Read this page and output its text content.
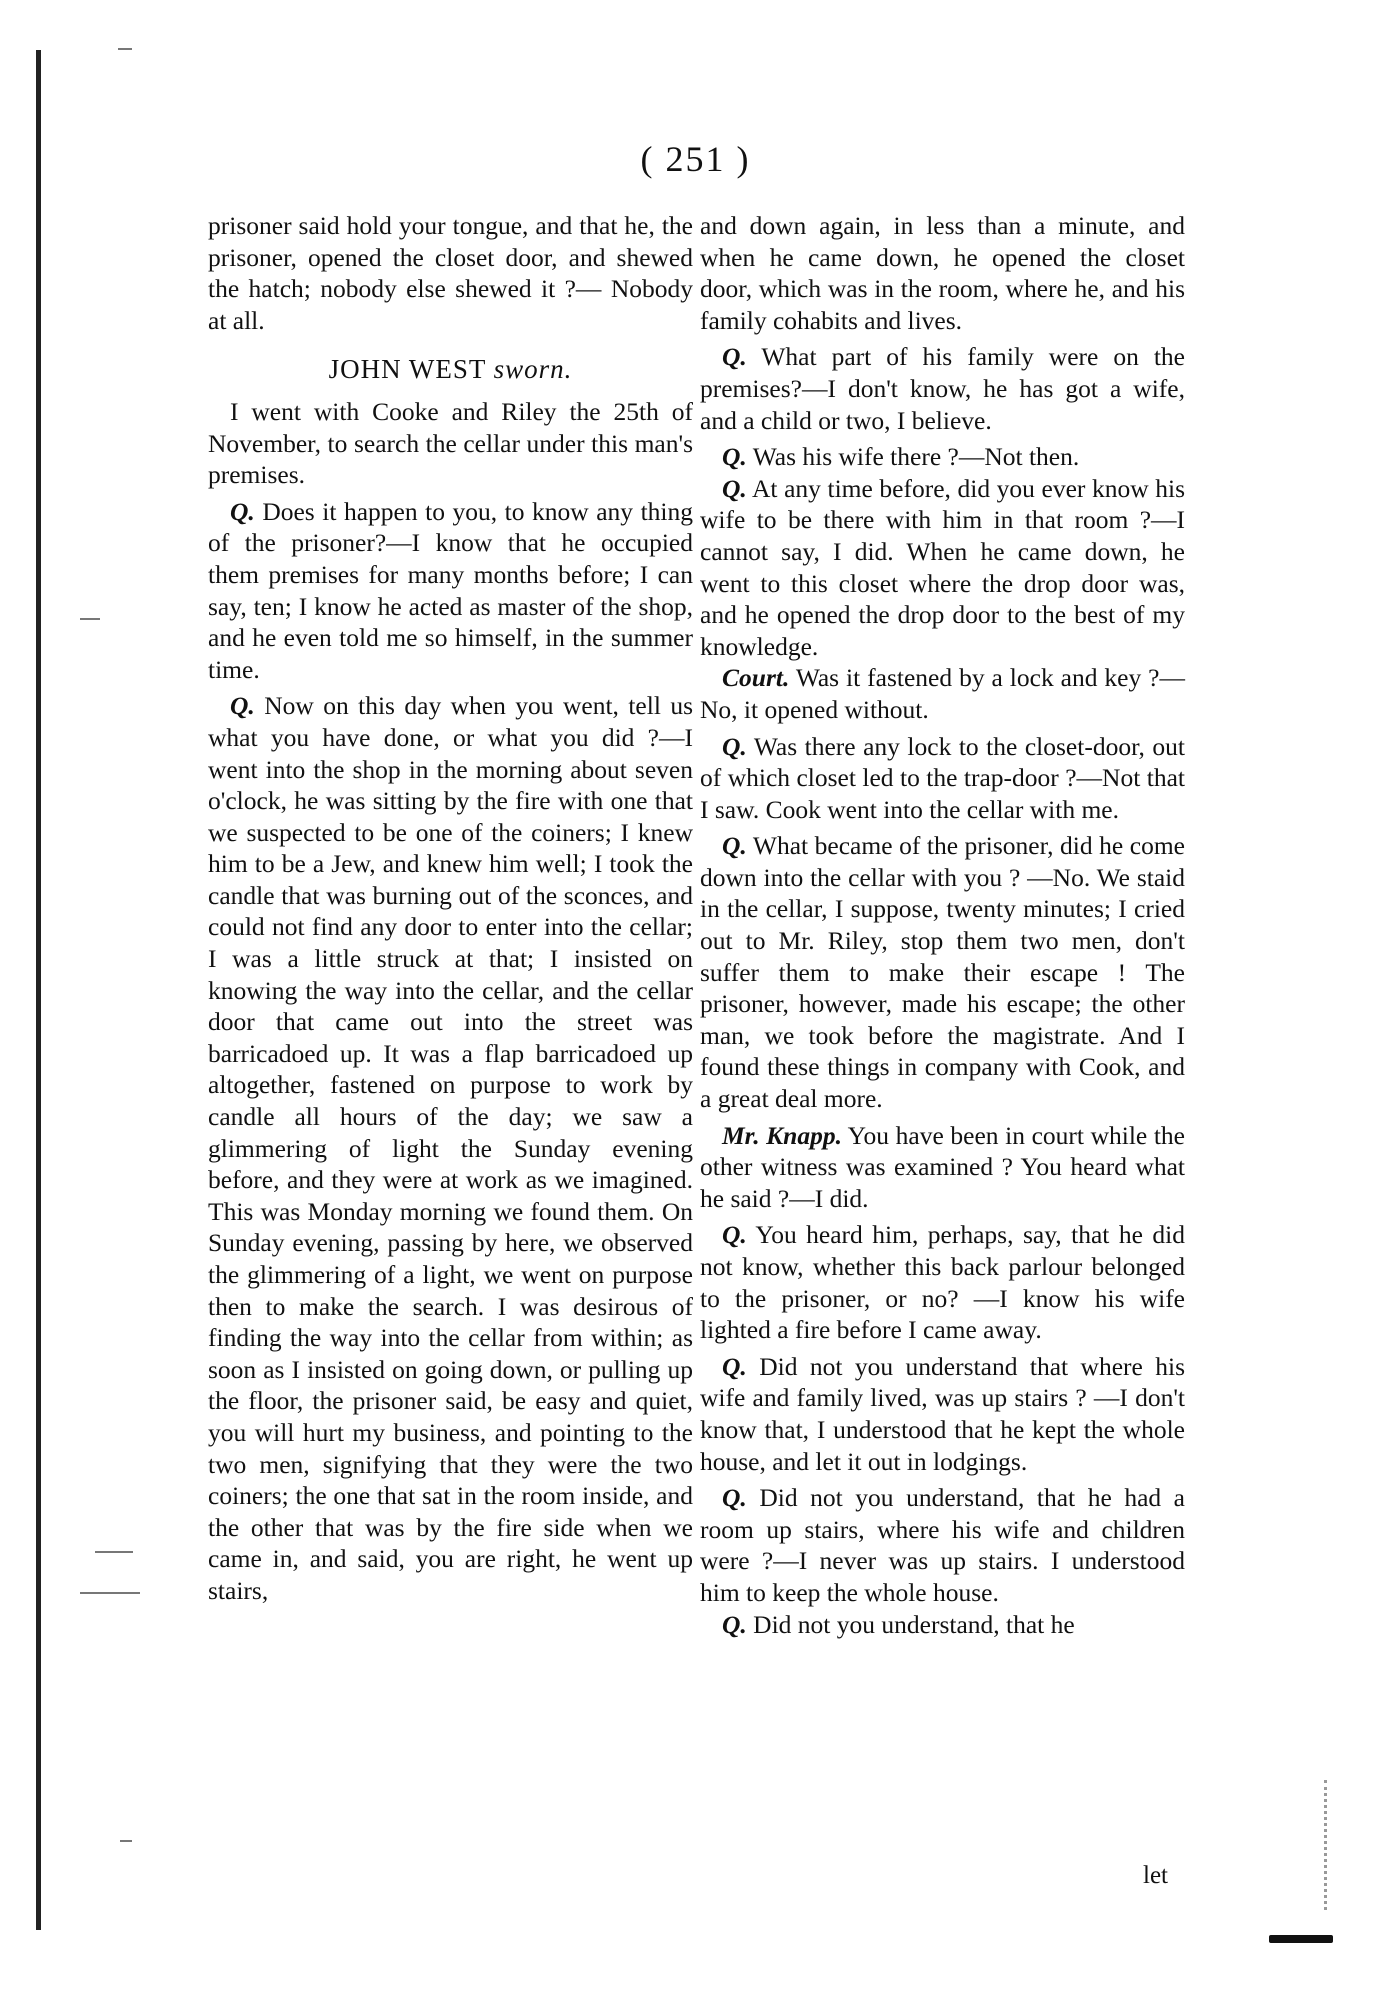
( 251 )

prisoner said hold your tongue, and that he, the prisoner, opened the closet door, and shewed the hatch; nobody else shewed it ?— Nobody at all.

JOHN WEST sworn.

I went with Cooke and Riley the 25th of November, to search the cellar under this man's premises.

Q. Does it happen to you, to know any thing of the prisoner?—I know that he occupied them premises for many months before; I can say, ten; I know he acted as master of the shop, and he even told me so himself, in the summer time.

Q. Now on this day when you went, tell us what you have done, or what you did ?—I went into the shop in the morning about seven o'clock, he was sitting by the fire with one that we suspected to be one of the coiners; I knew him to be a Jew, and knew him well; I took the candle that was burning out of the sconces, and could not find any door to enter into the cellar; I was a little struck at that; I insisted on knowing the way into the cellar, and the cellar door that came out into the street was barricadoed up. It was a flap barricadoed up altogether, fastened on purpose to work by candle all hours of the day; we saw a glimmering of light the Sunday evening before, and they were at work as we imagined. This was Monday morning we found them. On Sunday evening, passing by here, we observed the glimmering of a light, we went on purpose then to make the search. I was desirous of finding the way into the cellar from within; as soon as I insisted on going down, or pulling up the floor, the prisoner said, be easy and quiet, you will hurt my business, and pointing to the two men, signifying that they were the two coiners; the one that sat in the room inside, and the other that was by the fire side when we came in, and said, you are right, he went up stairs,

and down again, in less than a minute, and when he came down, he opened the closet door, which was in the room, where he, and his family cohabits and lives.

Q. What part of his family were on the premises?—I don't know, he has got a wife, and a child or two, I believe.

Q. Was his wife there ?—Not then.

Q. At any time before, did you ever know his wife to be there with him in that room ?—I cannot say, I did. When he came down, he went to this closet where the drop door was, and he opened the drop door to the best of my knowledge.

Court. Was it fastened by a lock and key ?—No, it opened without.

Q. Was there any lock to the closet-door, out of which closet led to the trap-door ?—Not that I saw. Cook went into the cellar with me.

Q. What became of the prisoner, did he come down into the cellar with you ? —No. We staid in the cellar, I suppose, twenty minutes; I cried out to Mr. Riley, stop them two men, don't suffer them to make their escape ! The prisoner, however, made his escape; the other man, we took before the magistrate. And I found these things in company with Cook, and a great deal more.

Mr. Knapp. You have been in court while the other witness was examined ? You heard what he said ?—I did.

Q. You heard him, perhaps, say, that he did not know, whether this back parlour belonged to the prisoner, or no? —I know his wife lighted a fire before I came away.

Q. Did not you understand that where his wife and family lived, was up stairs ? —I don't know that, I understood that he kept the whole house, and let it out in lodgings.

Q. Did not you understand, that he had a room up stairs, where his wife and children were ?—I never was up stairs. I understood him to keep the whole house.

Q. Did not you understand, that he

let
